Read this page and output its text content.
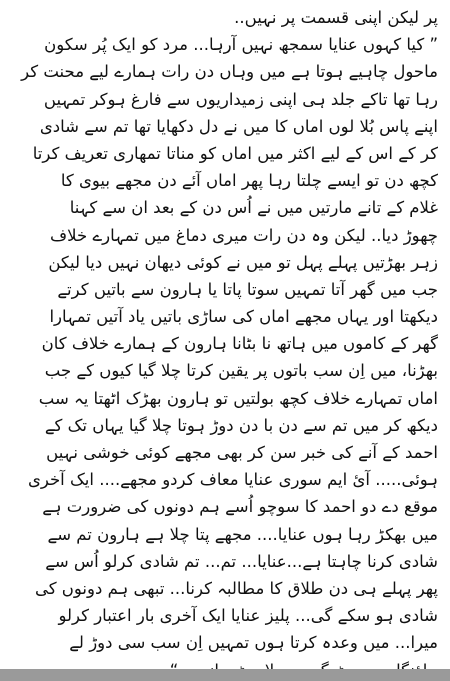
پر لیکن اپنی قسمت پر نہیں..
” کیا کہوں عنایا سمجھ نہیں آرہا... مرد کو ایک پُر سکون
ماحول چاہیے ہوتا ہے میں وہاں دن رات ہمارے لیے محنت کر
رہا تھا تاکے جلد ہی اپنی زمیداریوں سے فارغ ہوکر تمہیں
اپنے پاس بُلا لوں اماں کا میں نے دل دکھایا تھا تم سے شادی
کر کے اس کے لیے اکثر میں اماں کو مناتا تمھاری تعریف کرتا
کچھ دن تو ایسے چلتا رہا پھر اماں آئے دن مجھے بیوی کا
غلام کے تانے مارتیں میں نے اُس دن کے بعد ان سے کہنا
چھوڑ دیا.. لیکن وہ دن رات میری دماغ میں تمہارے خلاف
زہر بھڑتیں پہلے پہل تو میں نے کوئی دیھان نہیں دیا لیکن
جب میں گھر آتا تمہیں سوتا پاتا یا ہارون سے باتیں کرتے
دیکھتا اور یہاں مجھے اماں کی ساڑی باتیں یاد آتیں تمہارا
گھر کے کاموں میں ہاتھ نا بٹانا ہارون کے ہمارے خلاف کان
بھڑنا، میں اِن سب باتوں پر یقین کرتا چلا گیا کیوں کے جب
اماں تمہارے خلاف کچھ بولتیں تو ہارون بھڑک اٹھتا یہ سب
دیکھ کر میں تم سے دن با دن دوڑ ہوتا چلا گیا یہاں تک کے
احمد کے آنے کی خبر سن کر بھی مجھے کوئی خوشی نہیں
ہوئی..... آئ ایم سوری عنایا معاف کردو مجھے.... ایک آخری
موقع دے دو احمد کا سوچو اُسے ہم دونوں کی ضرورت ہے
میں بھکڑ رہا ہوں عنایا.... مجھے پتا چلا ہے ہارون تم سے
شادی کرنا چاہتا ہے...عنایا... تم... تم شادی کرلو اُس سے
پھر پہلے ہی دن طلاق کا مطالبہ کرنا... تبھی ہم دونوں کی
شادی ہو سکے گی... پلیز عنایا ایک آخری بار اعتبار کرلو
میرا... میں وعدہ کرتا ہوں تمہیں اِن سب سی دوڑ لے
